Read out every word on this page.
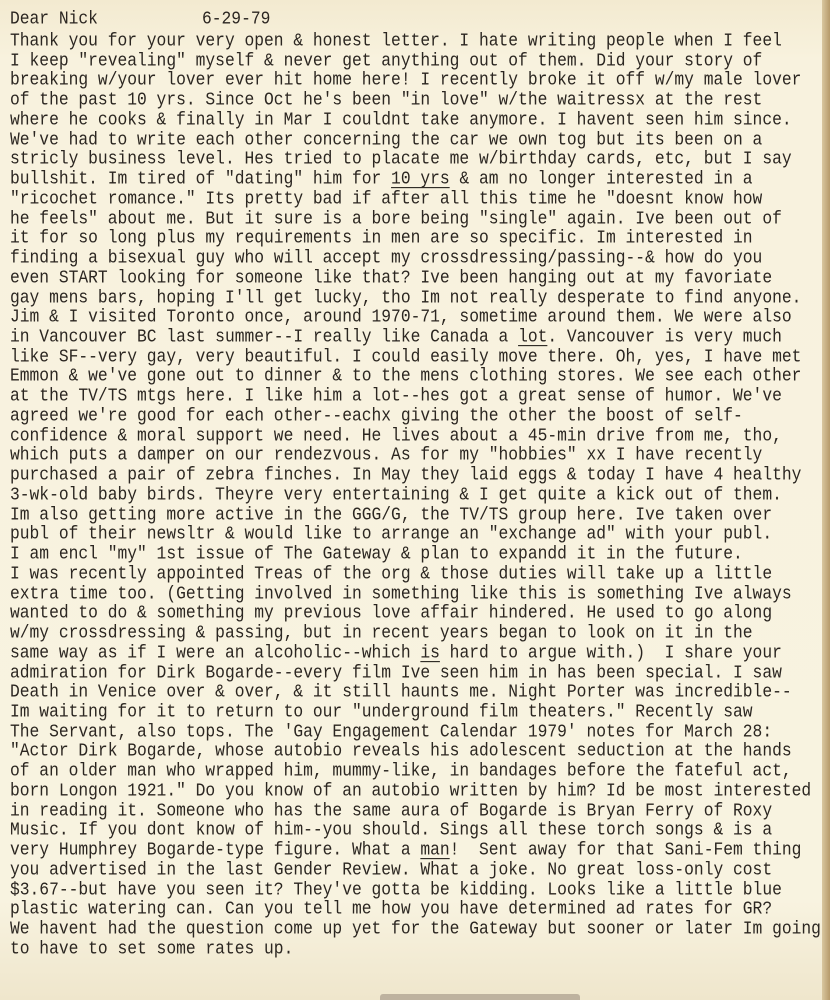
Dear Nick	6-29-79
Thank you for your very open & honest letter. I hate writing people when I feel
I keep "revealing" myself & never get anything out of them. Did your story of
breaking w/your lover ever hit home here! I recently broke it off w/my male lover
of the past 10 yrs. Since Oct he's been "in love" w/the waitressx at the rest
where he cooks & finally in Mar I couldnt take anymore. I havent seen him since.
We've had to write each other concerning the car we own tog but its been on a
stricly business level. Hes tried to placate me w/birthday cards, etc, but I say
bullshit. Im tired of "dating" him for 10 yrs & am no longer interested in a
"ricochet romance." Its pretty bad if after all this time he "doesnt know how
he feels" about me. But it sure is a bore being "single" again. Ive been out of
it for so long plus my requirements in men are so specific. Im interested in
finding a bisexual guy who will accept my crossdressing/passing--& how do you
even START looking for someone like that? Ive been hanging out at my favoriate
gay mens bars, hoping I'll get lucky, tho Im not really desperate to find anyone.
Jim & I visited Toronto once, around 1970-71, sometime around them. We were also
in Vancouver BC last summer--I really like Canada a lot. Vancouver is very much
like SF--very gay, very beautiful. I could easily move there. Oh, yes, I have met
Emmon & we've gone out to dinner & to the mens clothing stores. We see each other
at the TV/TS mtgs here. I like him a lot--hes got a great sense of humor. We've
agreed we're good for each other--eachx giving the other the boost of self-
confidence & moral support we need. He lives about a 45-min drive from me, tho,
which puts a damper on our rendezvous. As for my "hobbies" xx I have recently
purchased a pair of zebra finches. In May they laid eggs & today I have 4 healthy
3-wk-old baby birds. Theyre very entertaining & I get quite a kick out of them.
Im also getting more active in the GGG/G, the TV/TS group here. Ive taken over
publ of their newsltr & would like to arrange an "exchange ad" with your publ.
I am encl "my" 1st issue of The Gateway & plan to expandd it in the future.
I was recently appointed Treas of the org & those duties will take up a little
extra time too. (Getting involved in something like this is something Ive always
wanted to do & something my previous love affair hindered. He used to go along
w/my crossdressing & passing, but in recent years began to look on it in the
same way as if I were an alcoholic--which is hard to argue with.)  I share your
admiration for Dirk Bogarde--every film Ive seen him in has been special. I saw
Death in Venice over & over, & it still haunts me. Night Porter was incredible--
Im waiting for it to return to our "underground film theaters." Recently saw
The Servant, also tops. The 'Gay Engagement Calendar 1979' notes for March 28:
"Actor Dirk Bogarde, whose autobio reveals his adolescent seduction at the hands
of an older man who wrapped him, mummy-like, in bandages before the fateful act,
born Longon 1921." Do you know of an autobio written by him? Id be most interested
in reading it. Someone who has the same aura of Bogarde is Bryan Ferry of Roxy
Music. If you dont know of him--you should. Sings all these torch songs & is a
very Humphrey Bogarde-type figure. What a man!  Sent away for that Sani-Fem thing
you advertised in the last Gender Review. What a joke. No great loss-only cost
$3.67--but have you seen it? They've gotta be kidding. Looks like a little blue
plastic watering can. Can you tell me how you have determined ad rates for GR?
We havent had the question come up yet for the Gateway but sooner or later Im going
to have to set some rates up.
